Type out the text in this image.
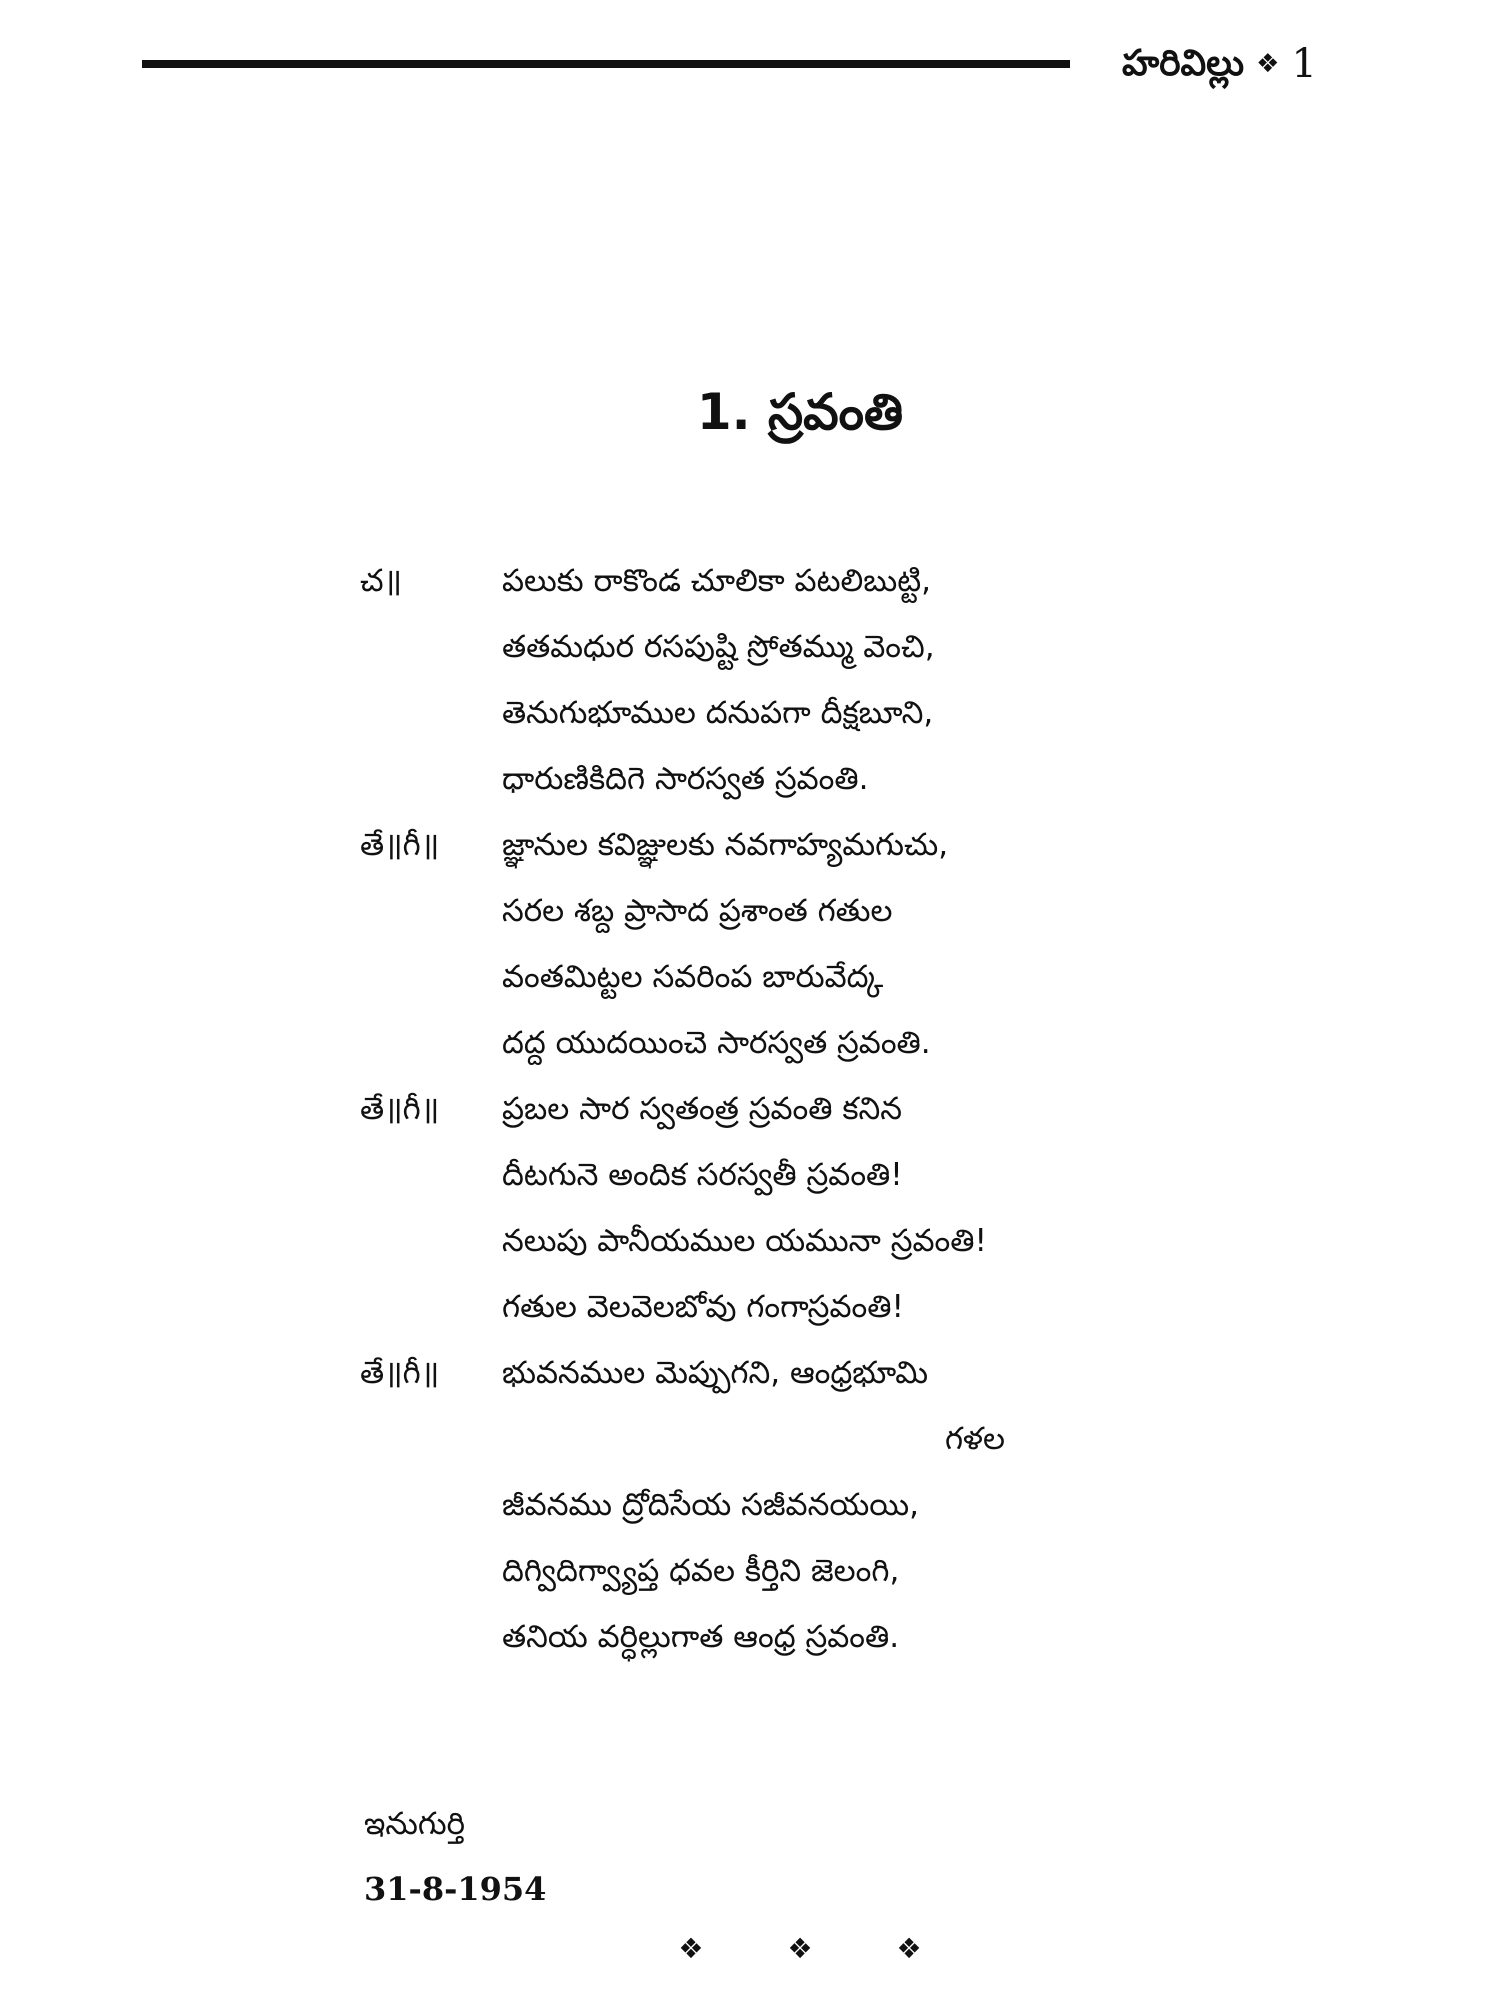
హరివిల్లు ❖ 1
1. స్రవంతి
చ॥	పలుకు రాకొండ చూలికా పటలిబుట్టి,
తతమధుర రసపుష్టి స్రోతమ్ము వెంచి,
తెనుగుభూముల దనుపగా దీక్షబూని,
ధారుణికిదిగె సారస్వత స్రవంతి.
తే॥గీ॥	జ్ఞానుల కవిజ్ఞులకు నవగాహ్యమగుచు,
సరల శబ్ద ప్రాసాద ప్రశాంత గతుల
వంతమిట్టల సవరింప బారువేద్క
దద్ద యుదయించె సారస్వత స్రవంతి.
తే॥గీ॥	ప్రబల సార స్వతంత్ర స్రవంతి కనిన
దీటగునె అందిక సరస్వతీ స్రవంతి!
నలుపు పానీయముల యమునా స్రవంతి!
గతుల వెలవెలబోవు గంగాస్రవంతి!
తే॥గీ॥	భువనముల మెప్పుగని, ఆంధ్రభూమి
గళల
జీవనము ద్రోదిసేయ సజీవనయయి,
దిగ్విదిగ్వ్యాప్త ధవల కీర్తిని జెలంగి,
తనియ వర్ధిల్లుగాత ఆంధ్ర స్రవంతి.
ఇనుగుర్తి
31-8-1954
❖	❖	❖
